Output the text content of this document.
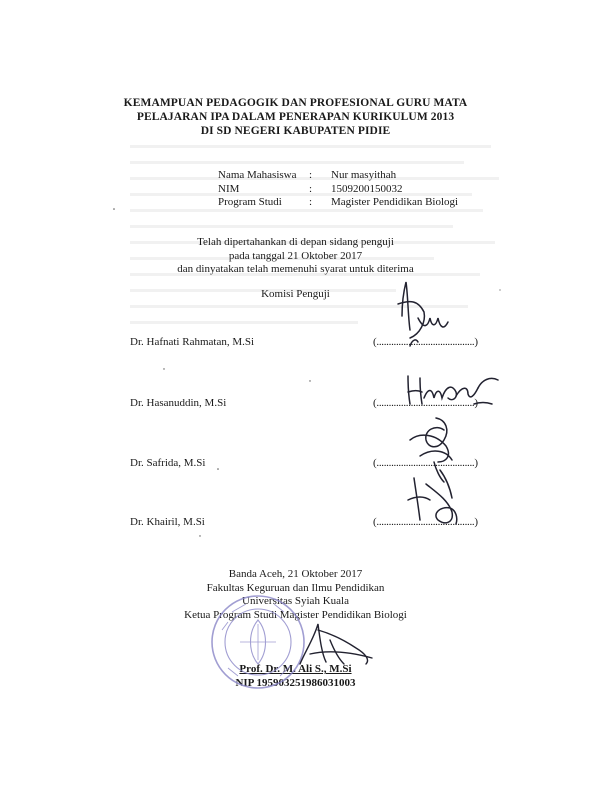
KEMAMPUAN PEDAGOGIK DAN PROFESIONAL GURU MATA
PELAJARAN IPA DALAM PENERAPAN KURIKULUM 2013
DI SD NEGERI KABUPATEN PIDIE
Nama Mahasiswa	:	Nur masyithah
NIM	:	1509200150032
Program Studi	:	Magister Pendidikan Biologi
Telah dipertahankan di depan sidang penguji
pada tanggal 21 Oktober 2017
dan dinyatakan telah memenuhi syarat untuk diterima
Komisi Penguji
Dr. Hafnati Rahmatan, M.Si	(........................................)
Dr. Hasanuddin, M.Si	(........................................)
Dr. Safrida, M.Si	(........................................)
Dr. Khairil, M.Si	(........................................)
Banda Aceh, 21 Oktober 2017
Fakultas Keguruan dan Ilmu Pendidikan
Universitas Syiah Kuala
Ketua Program Studi Magister Pendidikan Biologi
Prof. Dr. M. Ali S., M.Si
NIP 195903251986031003
